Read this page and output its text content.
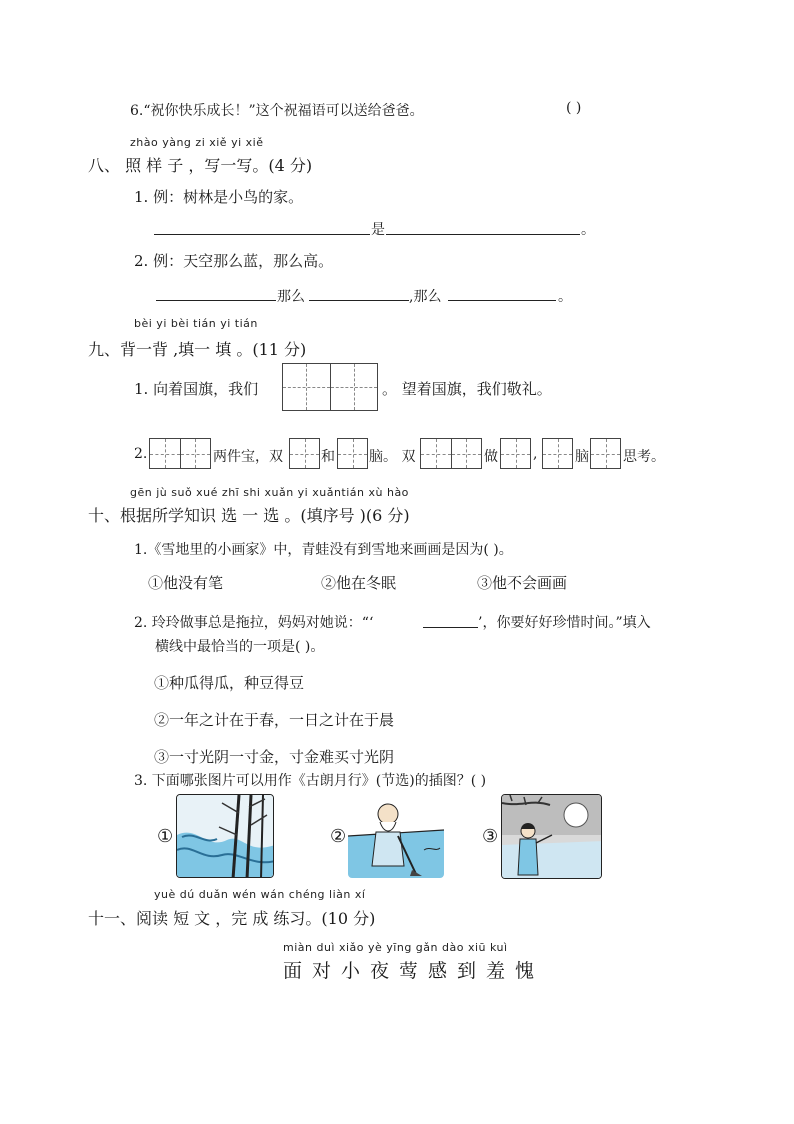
6.“祝你快乐成长！”这个祝福语可以送给爸爸。	( )
zhào yàng zi xiě yi xiě
八、 照 样 子 ，写一写。(4 分)
1. 例：树林是小鸟的家。
是	。
2. 例：天空那么蓝，那么高。
那么	,那么	。
bèi yi bèi tián yi tián
九、背一背 ,填一 填 。(11 分)
1. 向着国旗，我们	。 望着国旗，我们敬礼。
2.	两件宝，双	和 脑。 双	做	,	脑 思考。
gēn jù suǒ xué zhī shi xuǎn yi xuǎntián xù hào
十、根据所学知识 选 一 选 。(填序号 )(6 分)
1.《雪地里的小画家》中，青蛙没有到雪地来画画是因为( )。
①他没有笔	②他在冬眠	③他不会画画
2. 玲玲做事总是拖拉，妈妈对她说：“‘	’，你要好好珍惜时间。”填入
横线中最恰当的一项是( )。
①种瓜得瓜，种豆得豆
②一年之计在于春，一日之计在于晨
③一寸光阴一寸金，寸金难买寸光阴
3. 下面哪张图片可以用作《古朗月行》(节选)的插图？( )
①	②	③
yuè dú duǎn wén wán chéng liàn xí
十一、阅读 短 文 ，完 成 练习。(10 分)
miàn duì xiǎo yè yīng gǎn dào xiū kuì
面对小夜莺感到羞愧
